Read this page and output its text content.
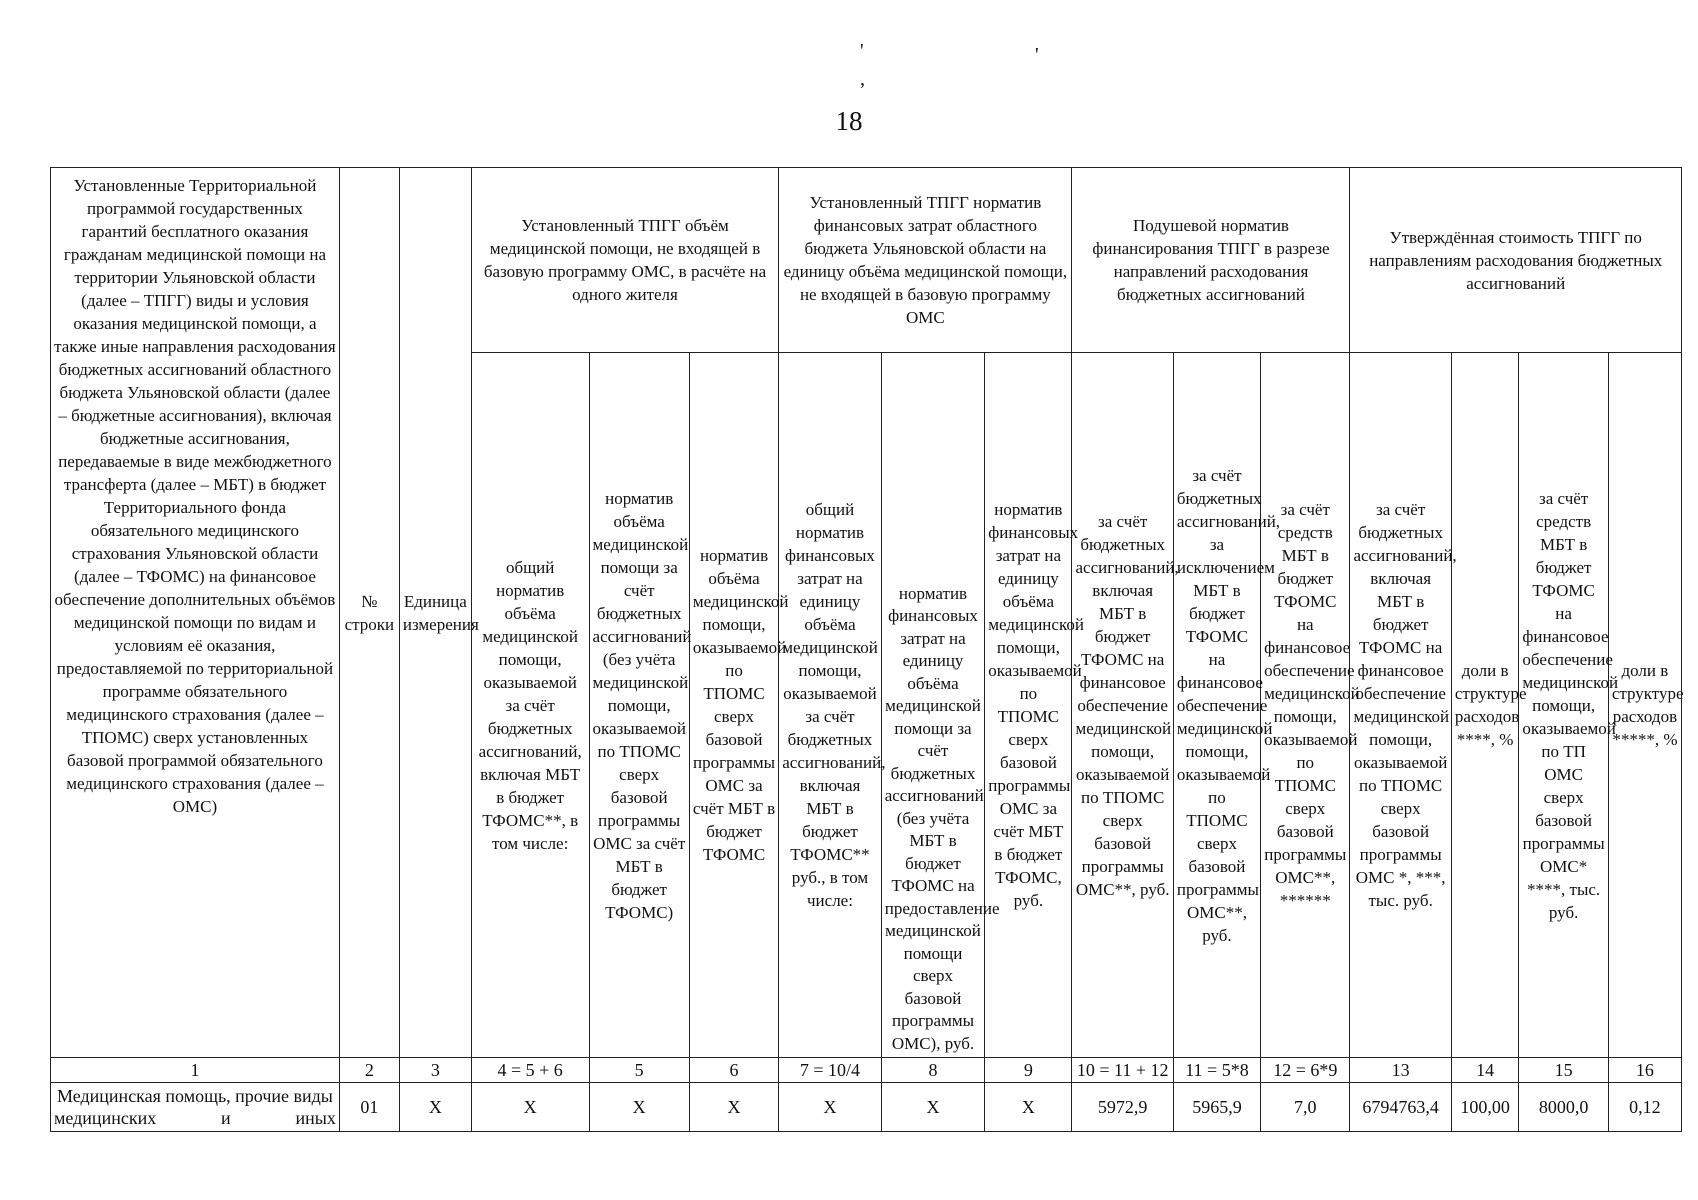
'	'
,
18
Установленные Территориальной программой государственных гарантий бесплатного оказания гражданам медицинской помощи на территории Ульяновской области (далее – ТПГГ) виды и условия оказания медицинской помощи, а также иные направления расходования бюджетных ассигнований областного бюджета Ульяновской области (далее – бюджетные ассигнования), включая бюджетные ассигнования, передаваемые в виде межбюджетного трансферта (далее – МБТ) в бюджет Территориального фонда обязательного медицинского страхования Ульяновской области (далее – ТФОМС) на финансовое обеспечение дополнительных объёмов медицинской помощи по видам и условиям её оказания, предоставляемой по территориальной программе обязательного медицинского страхования (далее – ТПОМС) сверх установленных базовой программой обязательного медицинского страхования (далее – ОМС)	№ строки	Единица измерения	Установленный ТПГГ объём медицинской помощи, не входящей в базовую программу ОМС, в расчёте на одного жителя			Установленный ТПГГ норматив финансовых затрат областного бюджета Ульяновской области на единицу объёма медицинской помощи, не входящей в базовую программу ОМС			Подушевой норматив финансирования ТПГГ в разрезе направлений расходования бюджетных ассигнований			Утверждённая стоимость ТПГГ по направлениям расходования бюджетных ассигнований			
			общий норматив объёма медицинской помощи, оказываемой за счёт бюджетных ассигнований, включая МБТ в бюджет ТФОМС**, в том числе:	норматив объёма медицинской помощи за счёт бюджетных ассигнований (без учёта медицинской помощи, оказываемой по ТПОМС сверх базовой программы ОМС за счёт МБТ в бюджет ТФОМС)	норматив объёма медицинской помощи, оказываемой по ТПОМС сверх базовой программы ОМС за счёт МБТ в бюджет ТФОМС	общий норматив финансовых затрат на единицу объёма медицинской помощи, оказываемой за счёт бюджетных ассигнований, включая МБТ в бюджет ТФОМС** руб., в том числе:	норматив финансовых затрат на единицу объёма медицинской помощи за счёт бюджетных ассигнований (без учёта МБТ в бюджет ТФОМС на предоставление медицинской помощи сверх базовой программы ОМС), руб.	норматив финансовых затрат на единицу объёма медицинской помощи, оказываемой по ТПОМС сверх базовой программы ОМС за счёт МБТ в бюджет ТФОМС, руб.	за счёт бюджетных ассигнований, включая МБТ в бюджет ТФОМС на финансовое обеспечение медицинской помощи, оказываемой по ТПОМС сверх базовой программы ОМС**, руб.	за счёт бюджетных ассигнований, за исключением МБТ в бюджет ТФОМС на финансовое обеспечение медицинской помощи, оказываемой по ТПОМС сверх базовой программы ОМС**, руб.	за счёт средств МБТ в бюджет ТФОМС на финансовое обеспечение медицинской помощи, оказываемой по ТПОМС сверх базовой программы ОМС**, ******	за счёт бюджетных ассигнований, включая МБТ в бюджет ТФОМС на финансовое обеспечение медицинской помощи, оказываемой по ТПОМС сверх базовой программы ОМС *, ***, тыс. руб.	доли в структуре расходов ****, %	за счёт средств МБТ в бюджет ТФОМС на финансовое обеспечение медицинской помощи, оказываемой по ТП ОМС сверх базовой программы ОМС* ****, тыс. руб.	доли в структуре расходов *****, %
1	2	3	4 = 5 + 6	5	6	7 = 10/4	8	9	10 = 11 + 12	11 = 5*8	12 = 6*9	13	14	15	16
Медицинская помощь, прочие виды медицинских и иных	01	X	X	X	X	X	X	X	5972,9	5965,9	7,0	6794763,4	100,00	8000,0	0,12
